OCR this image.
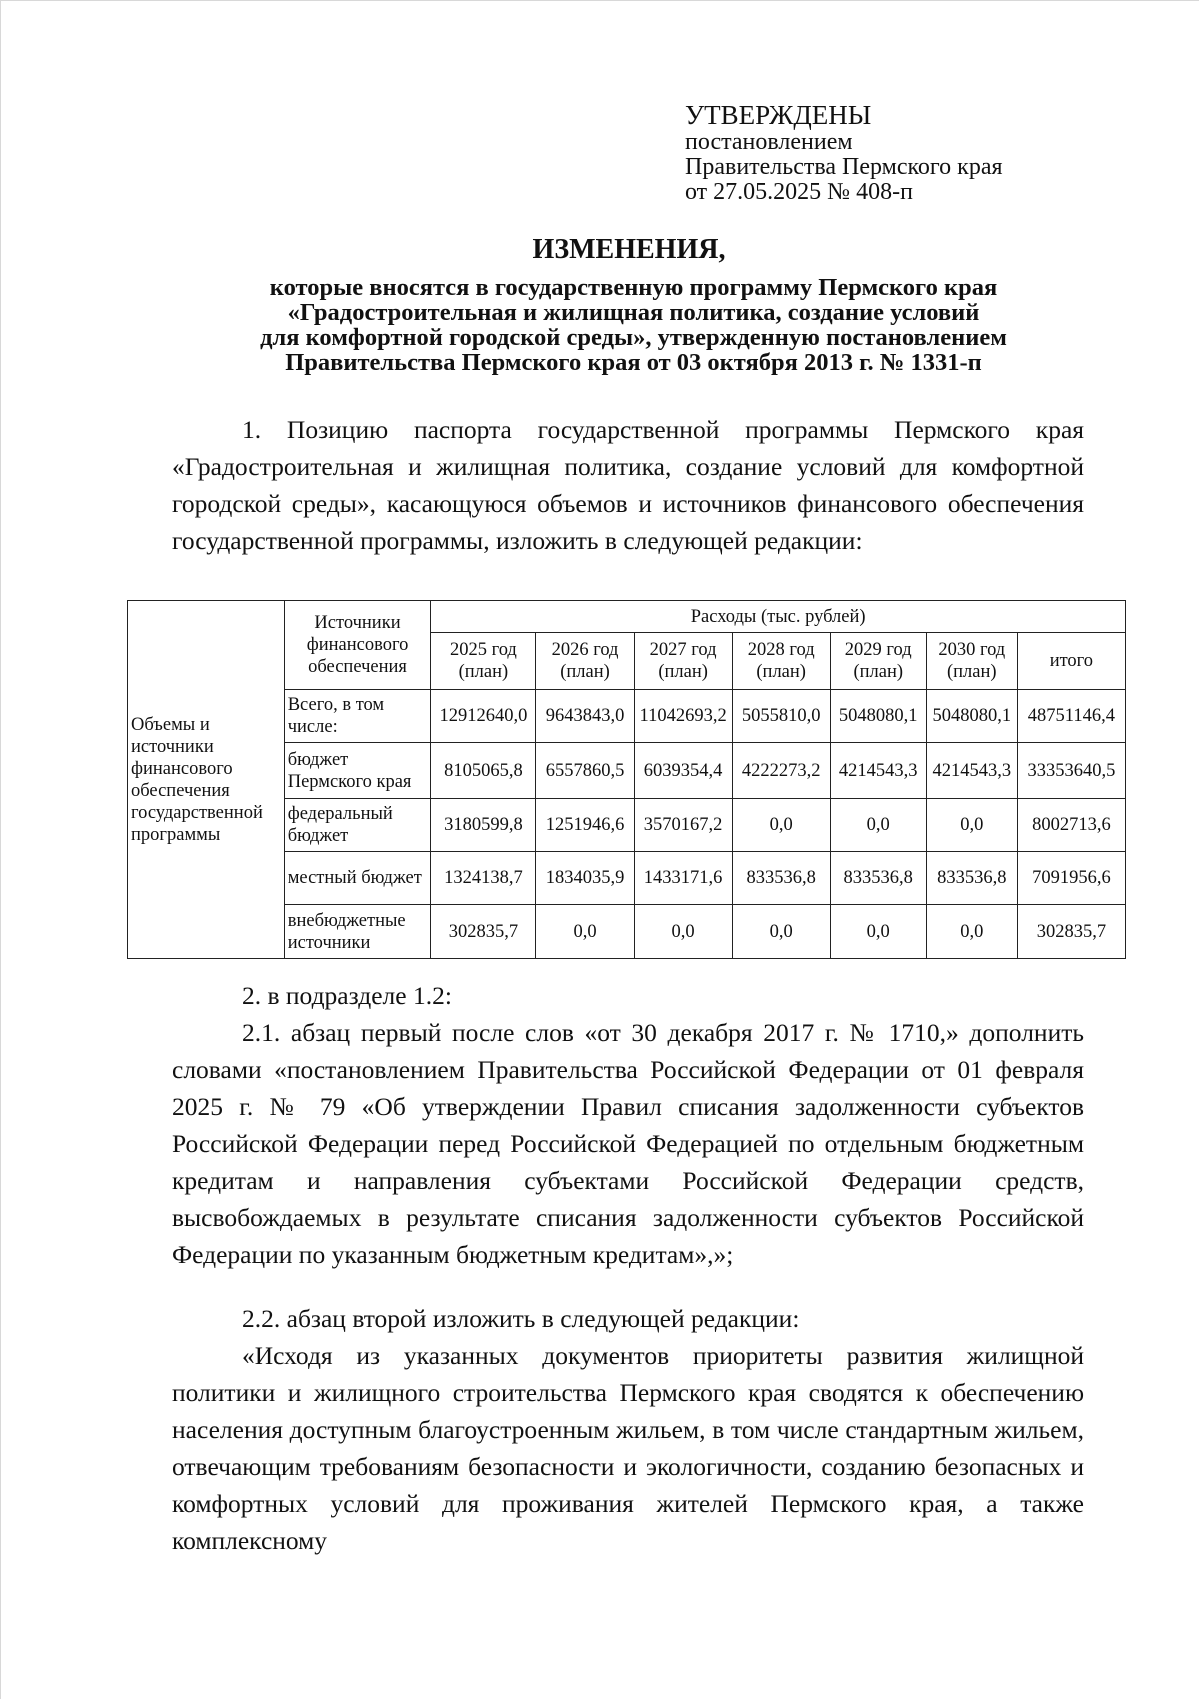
УТВЕРЖДЕНЫ
постановлением
Правительства Пермского края
от 27.05.2025 № 408-п
ИЗМЕНЕНИЯ,
которые вносятся в государственную программу Пермского края
«Градостроительная и жилищная политика, создание условий
для комфортной городской среды», утвержденную постановлением
Правительства Пермского края от 03 октября 2013 г. № 1331-п
1. Позицию паспорта государственной программы Пермского края «Градостроительная и жилищная политика, создание условий для комфортной городской среды», касающуюся объемов и источников финансового обеспечения государственной программы, изложить в следующей редакции:
Объемы и источники финансового обеспечения государственной программы	Источники финансового обеспечения	Расходы (тыс. рублей)						
		2025 год (план)	2026 год (план)	2027 год (план)	2028 год (план)	2029 год (план)	2030 год (план)	итого
	Всего, в том числе:	12912640,0	9643843,0	11042693,2	5055810,0	5048080,1	5048080,1	48751146,4
	бюджет Пермского края	8105065,8	6557860,5	6039354,4	4222273,2	4214543,3	4214543,3	33353640,5
	федеральный бюджет	3180599,8	1251946,6	3570167,2	0,0	0,0	0,0	8002713,6
	местный бюджет	1324138,7	1834035,9	1433171,6	833536,8	833536,8	833536,8	7091956,6
	внебюджетные источники	302835,7	0,0	0,0	0,0	0,0	0,0	302835,7
2. в подразделе 1.2:
2.1. абзац первый после слов «от 30 декабря 2017 г. № 1710,» дополнить словами «постановлением Правительства Российской Федерации от 01 февраля 2025 г. № 79 «Об утверждении Правил списания задолженности субъектов Российской Федерации перед Российской Федерацией по отдельным бюджетным кредитам и направления субъектами Российской Федерации средств, высвобождаемых в результате списания задолженности субъектов Российской Федерации по указанным бюджетным кредитам»,»;
2.2. абзац второй изложить в следующей редакции:
«Исходя из указанных документов приоритеты развития жилищной политики и жилищного строительства Пермского края сводятся к обеспечению населения доступным благоустроенным жильем, в том числе стандартным жильем, отвечающим требованиям безопасности и экологичности, созданию безопасных и комфортных условий для проживания жителей Пермского края, а также комплексному
